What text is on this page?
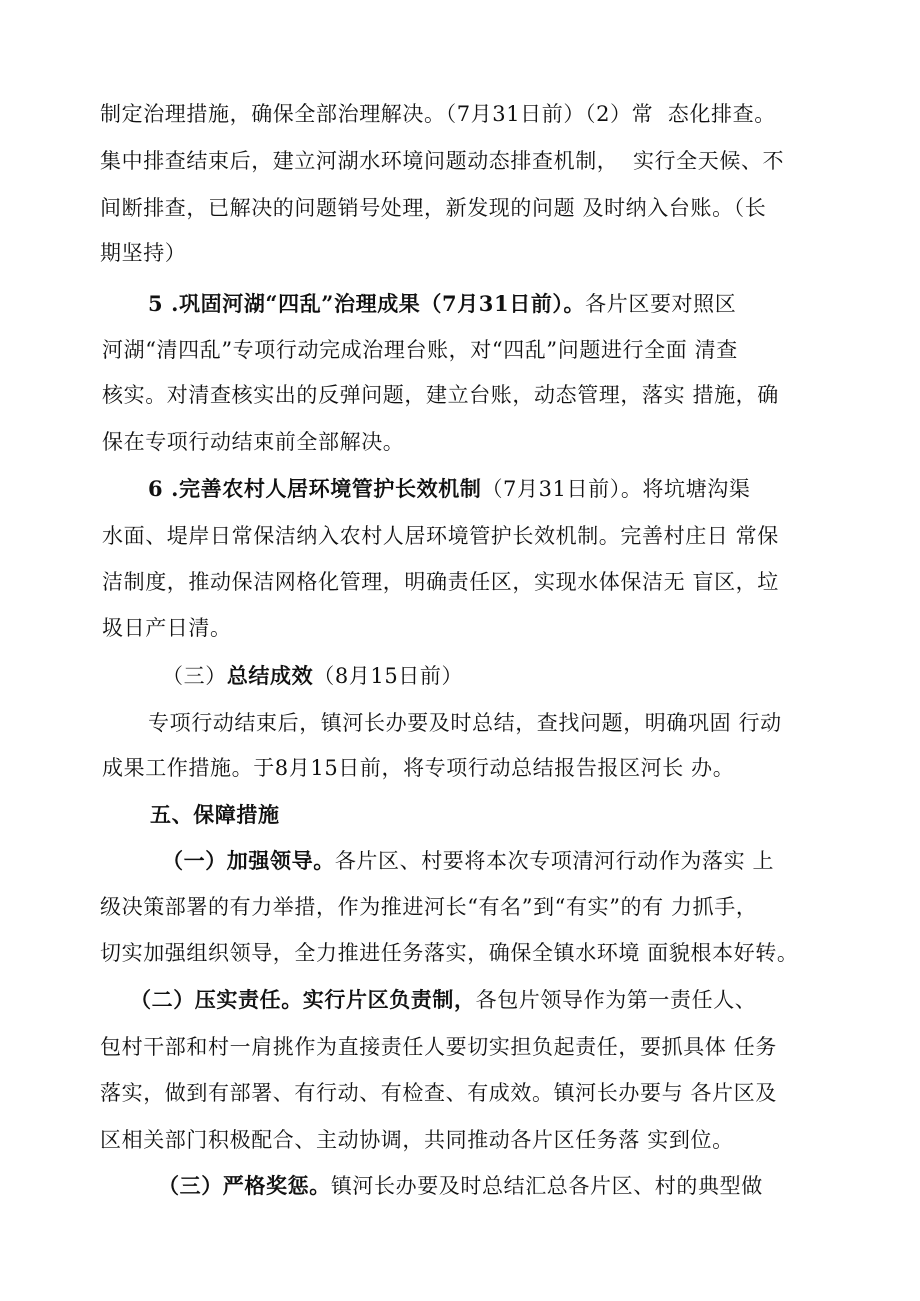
制定治理措施，确保全部治理解决。（7月31日前）（2）常  态化排查。
集中排查结束后，建立河湖水环境问题动态排查机制，  实行全天候、不
间断排查，已解决的问题销号处理，新发现的问题 及时纳入台账。（长
期坚持）
5 .巩固河湖“四乱”治理成果（7月31日前）。各片区要对照区
河湖“清四乱”专项行动完成治理台账，对“四乱”问题进行全面 清查
核实。对清查核实出的反弹问题，建立台账，动态管理，落实 措施，确
保在专项行动结束前全部解决。
6 .完善农村人居环境管护长效机制（7月31日前）。将坑塘沟渠
水面、堤岸日常保洁纳入农村人居环境管护长效机制。完善村庄日 常保
洁制度，推动保洁网格化管理，明确责任区，实现水体保洁无 盲区，垃
圾日产日清。
（三）总结成效（8月15日前）
专项行动结束后，镇河长办要及时总结，查找问题，明确巩固 行动
成果工作措施。于8月15日前，将专项行动总结报告报区河长 办。
五、保障措施
（一）加强领导。各片区、村要将本次专项清河行动作为落实 上
级决策部署的有力举措，作为推进河长“有名”到“有实”的有 力抓手，
切实加强组织领导，全力推进任务落实，确保全镇水环境 面貌根本好转。
（二）压实责任。实行片区负责制，各包片领导作为第一责任人、
包村干部和村一肩挑作为直接责任人要切实担负起责任，要抓具体 任务
落实，做到有部署、有行动、有检查、有成效。镇河长办要与 各片区及
区相关部门积极配合、主动协调，共同推动各片区任务落 实到位。
（三）严格奖惩。镇河长办要及时总结汇总各片区、村的典型做
